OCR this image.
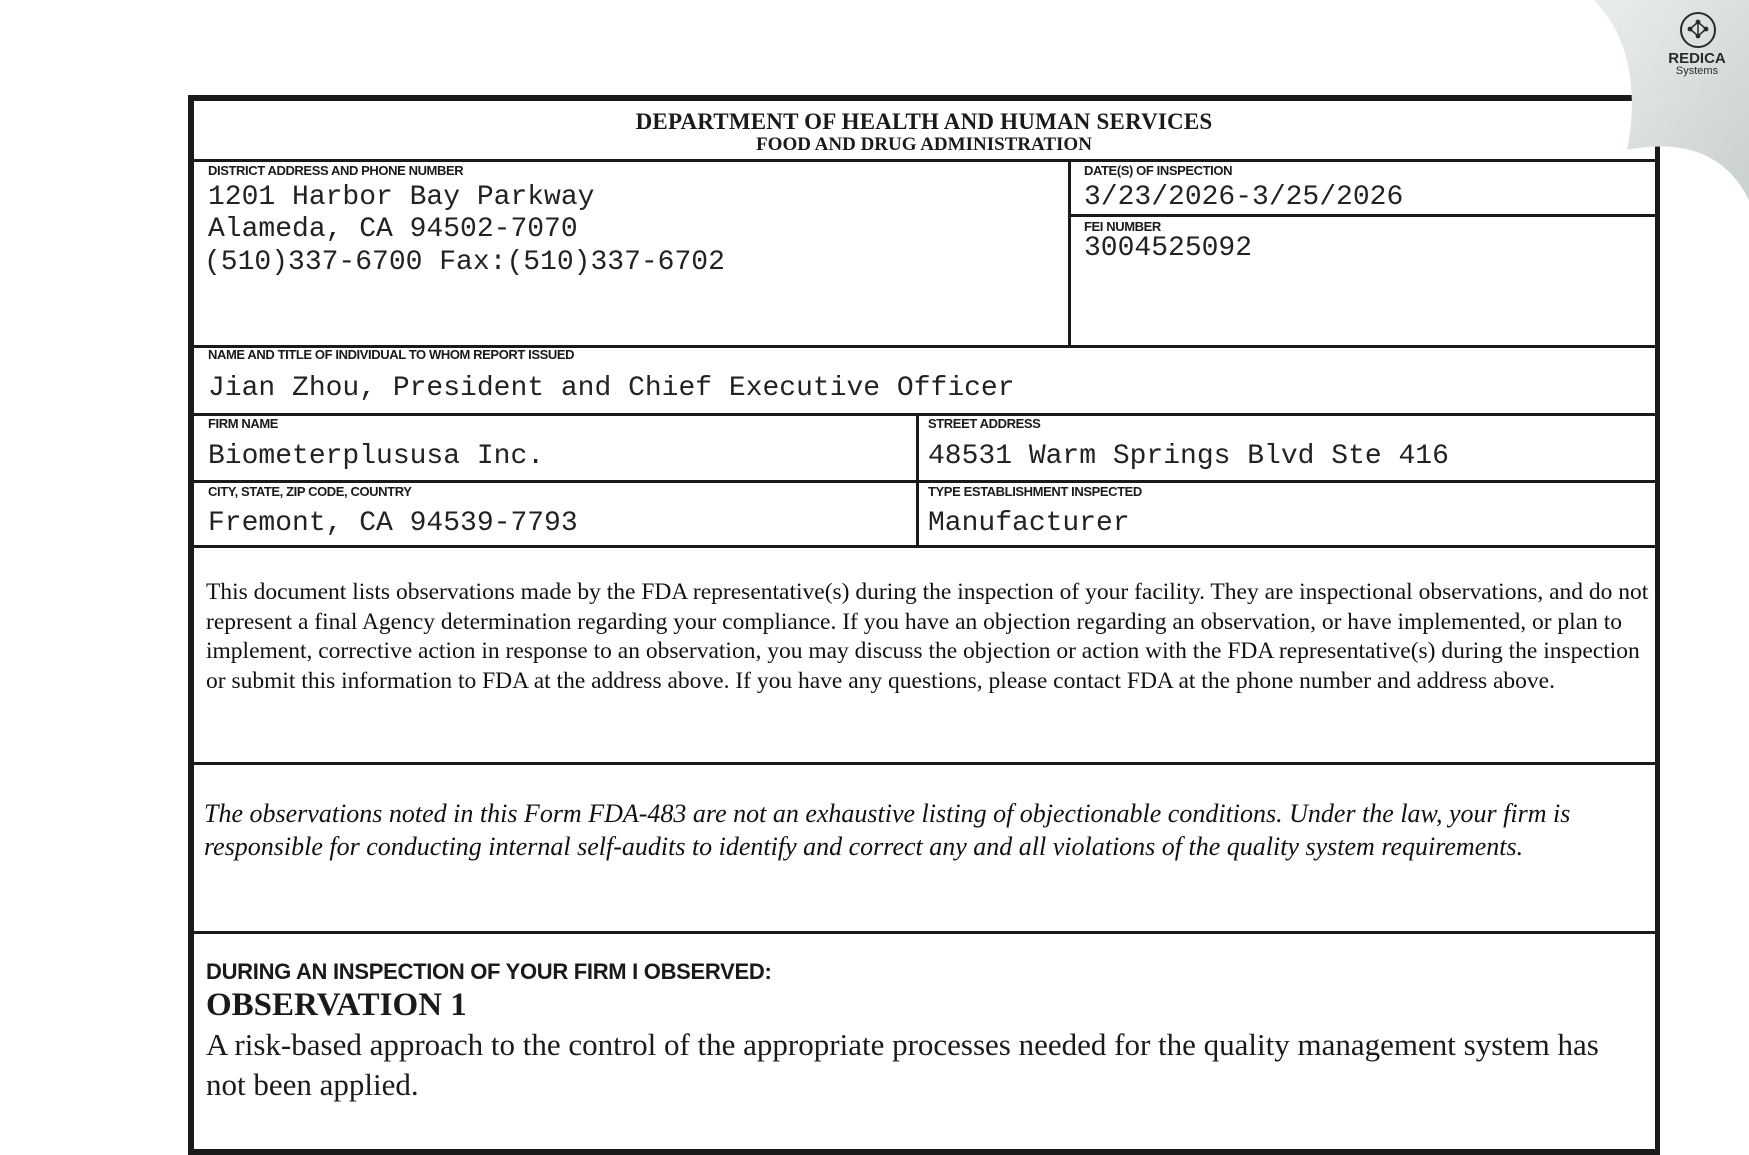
DEPARTMENT OF HEALTH AND HUMAN SERVICES
FOOD AND DRUG ADMINISTRATION
DISTRICT ADDRESS AND PHONE NUMBER
1201 Harbor Bay Parkway
Alameda, CA 94502-7070
(510)337-6700 Fax:(510)337-6702
DATE(S) OF INSPECTION
3/23/2026-3/25/2026
FEI NUMBER
3004525092
NAME AND TITLE OF INDIVIDUAL TO WHOM REPORT ISSUED
Jian Zhou, President and Chief Executive Officer
FIRM NAME
Biometerplususa Inc.
STREET ADDRESS
48531 Warm Springs Blvd Ste 416
CITY, STATE, ZIP CODE, COUNTRY
Fremont, CA 94539-7793
TYPE ESTABLISHMENT INSPECTED
Manufacturer
This document lists observations made by the FDA representative(s) during the inspection of your facility. They are inspectional observations, and do not represent a final Agency determination regarding your compliance. If you have an objection regarding an observation, or have implemented, or plan to implement, corrective action in response to an observation, you may discuss the objection or action with the FDA representative(s) during the inspection or submit this information to FDA at the address above. If you have any questions, please contact FDA at the phone number and address above.
The observations noted in this Form FDA-483 are not an exhaustive listing of objectionable conditions. Under the law, your firm is responsible for conducting internal self-audits to identify and correct any and all violations of the quality system requirements.
DURING AN INSPECTION OF YOUR FIRM I OBSERVED:
OBSERVATION 1
A risk-based approach to the control of the appropriate processes needed for the quality management system has not been applied.
REDICA
Systems
